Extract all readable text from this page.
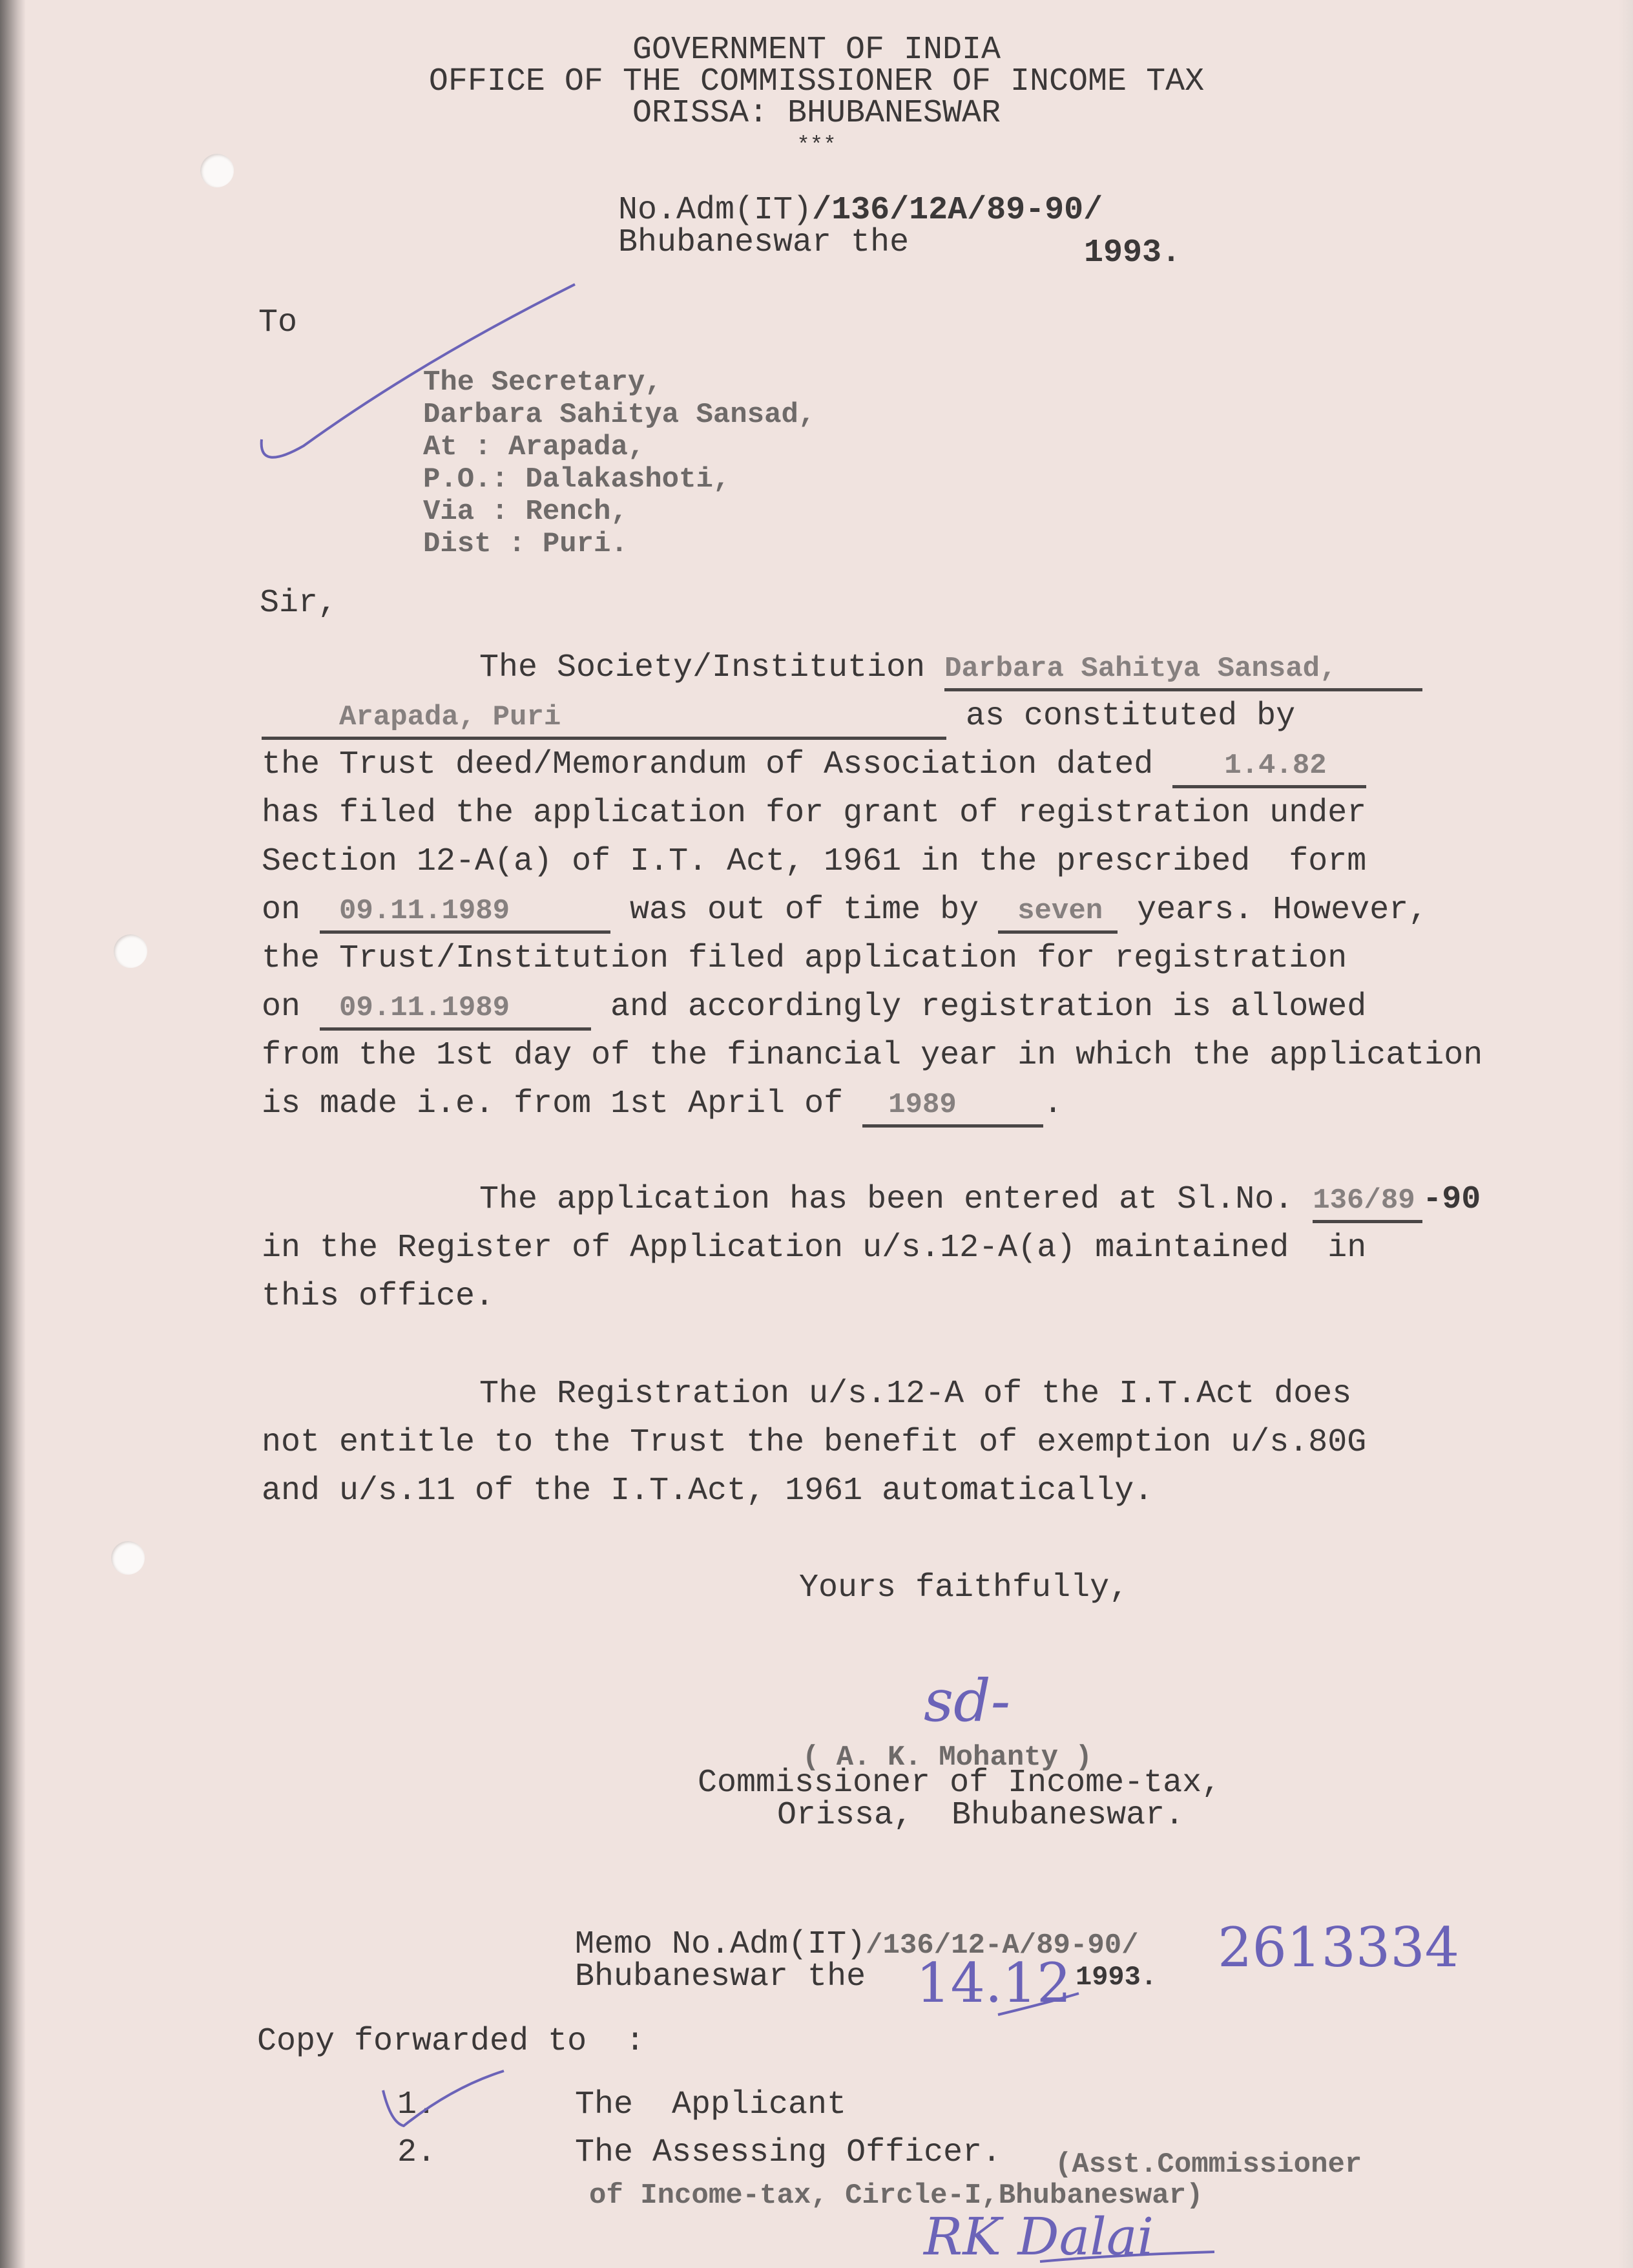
GOVERNMENT OF INDIA
OFFICE OF THE COMMISSIONER OF INCOME TAX
ORISSA: BHUBANESWAR
***
No.Adm(IT)/136/12A/89-90/
Bhubaneswar the	1993.
To
The Secretary,
Darbara Sahitya Sansad,
At : Arapada,
P.O.: Dalakashoti,
Via : Rench,
Dist : Puri.
Sir,
The Society/Institution Darbara Sahitya Sansad,
Arapada, Puri	as constituted by
the Trust deed/Memorandum of Association dated 1.4.82
has filed the application for grant of registration under
Section 12-A(a) of I.T. Act, 1961 in the prescribed  form
on 09.11.1989	was out of time by seven years. However,
the Trust/Institution filed application for registration
on 09.11.1989	and accordingly registration is allowed
from the 1st day of the financial year in which the application
is made i.e. from 1st April of 1989	.
The application has been entered at Sl.No. 136/89 -90
in the Register of Application u/s.12-A(a) maintained  in
this office.
The Registration u/s.12-A of the I.T.Act does
not entitle to the Trust the benefit of exemption u/s.80G
and u/s.11 of the I.T.Act, 1961 automatically.
Yours faithfully,
sd-
( A. K. Mohanty )
Commissioner of Income-tax,
Orissa,  Bhubaneswar.
Memo No.Adm(IT)/136/12-A/89-90/ 2613334
Bhubaneswar the 14.12 1993.
Copy forwarded to  :
1.	The  Applicant
2.	The Assessing Officer. (Asst.Commissioner
of Income-tax, Circle-I,Bhubaneswar)
RK Dalai
